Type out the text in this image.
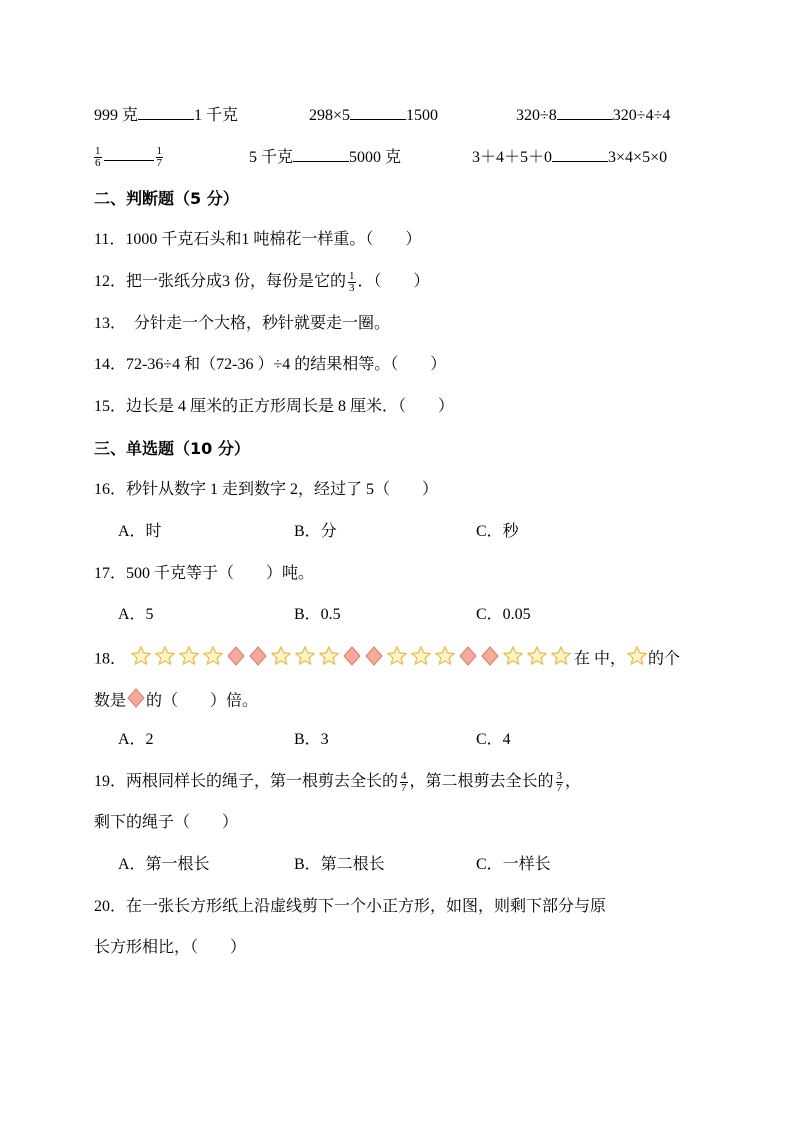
999 克	1 千克	298×5	1500	320÷8	320÷4÷4
$\frac{1}{6}$	$\frac{1}{7}$	5 千克	5000 克	3＋4＋5＋0	3×4×5×0
二、判断题（5 分）
11．1000 千克石头和1 吨棉花一样重。（　　）
12．把一张纸分成3 份，每份是它的 $\frac{1}{3}$ ．（　　）
13．　分针走一个大格，秒针就要走一圈。
14．72-36÷4 和（72-36 ）÷4 的结果相等。（　　）
15．边长是 4 厘米的正方形周长是 8 厘米．（　　）
三、单选题（10 分）
16．秒针从数字 1 走到数字 2，经过了 5（　　）
A．时	B．分	C．秒
17．500 千克等于（　　）吨。
A．5	B．0.5	C．0.05
18．	在 中， 的个
数是 的（　　）倍。
A．2	B．3	C．4
19．两根同样长的绳子，第一根剪去全长的 $\frac{4}{7}$ ，第二根剪去全长的 $\frac{3}{7}$ ，
剩下的绳子（　　）
A．第一根长	B．第二根长	C．一样长
20．在一张长方形纸上沿虚线剪下一个小正方形，如图，则剩下部分与原
长方形相比，（　　）
